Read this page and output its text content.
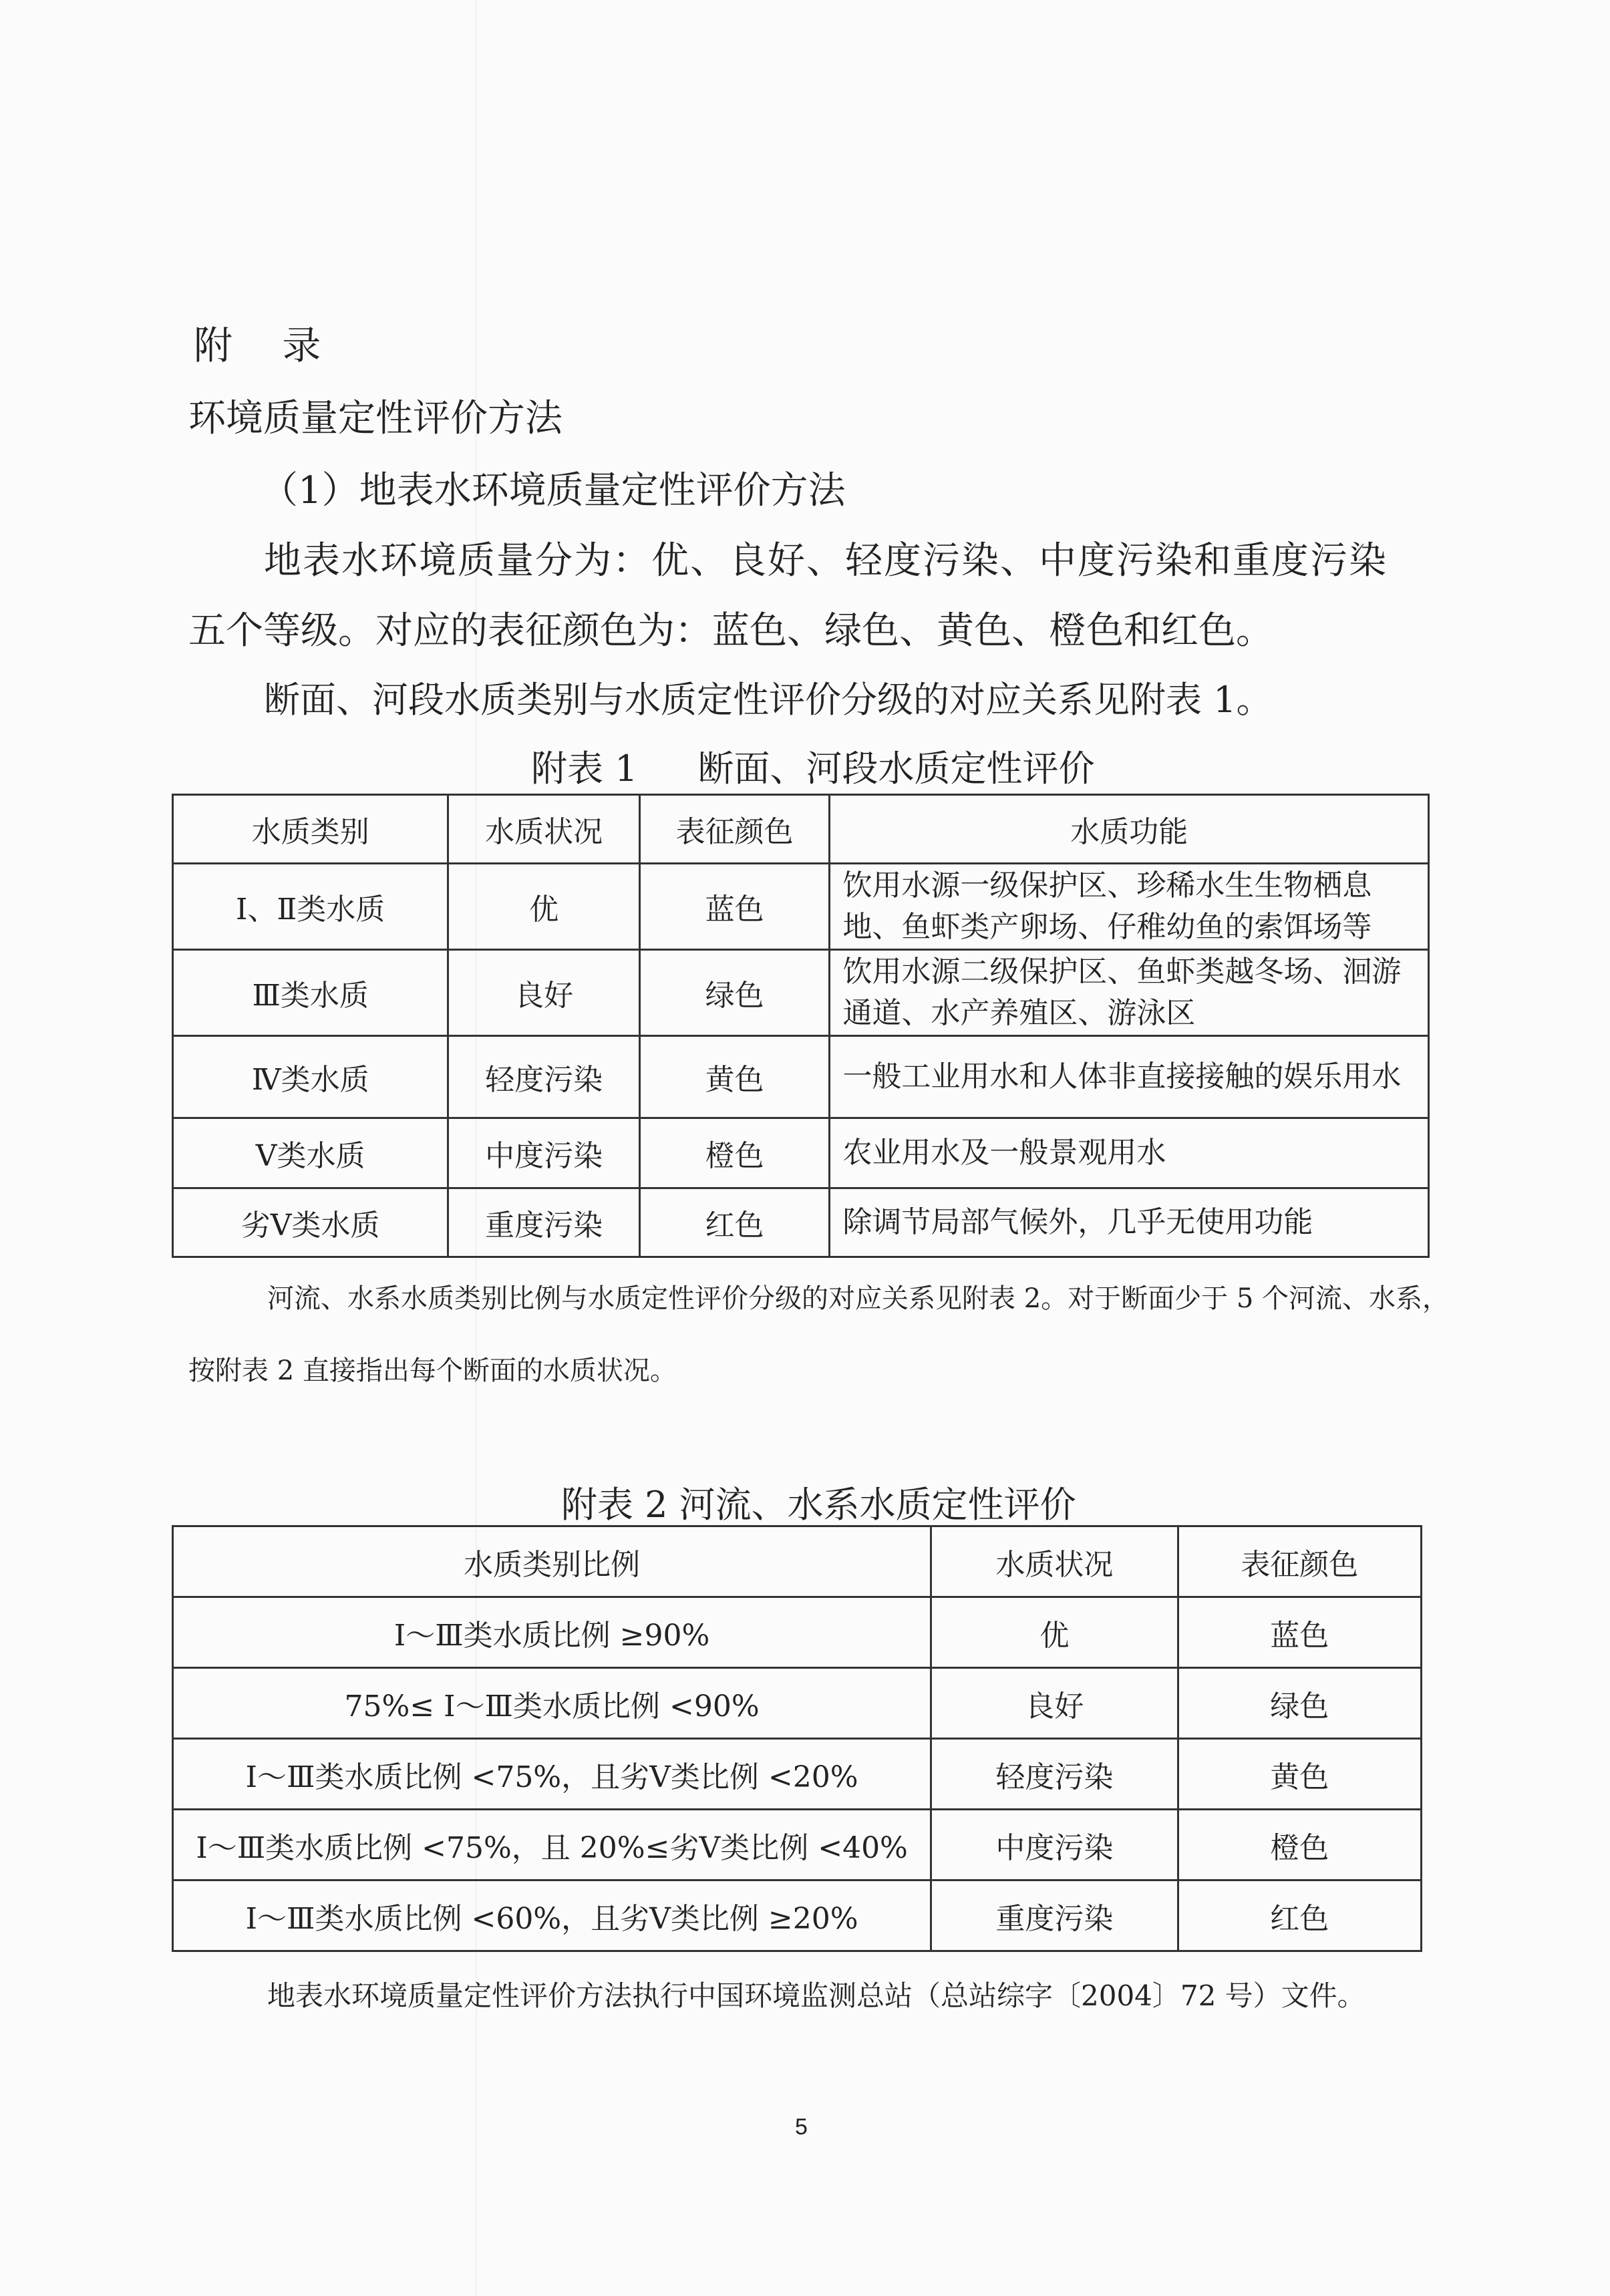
附 录
环境质量定性评价方法
（1）地表水环境质量定性评价方法
地表水环境质量分为：优、良好、轻度污染、中度污染和重度污染
五个等级。对应的表征颜色为：蓝色、绿色、黄色、橙色和红色。
断面、河段水质类别与水质定性评价分级的对应关系见附表 1。
附表 1 断面、河段水质定性评价
水质类别	水质状况	表征颜色	水质功能
Ⅰ、Ⅱ类水质	优	蓝色	饮用水源一级保护区、珍稀水生生物栖息地、鱼虾类产卵场、仔稚幼鱼的索饵场等
Ⅲ类水质	良好	绿色	饮用水源二级保护区、鱼虾类越冬场、洄游通道、水产养殖区、游泳区
Ⅳ类水质	轻度污染	黄色	一般工业用水和人体非直接接触的娱乐用水
Ⅴ类水质	中度污染	橙色	农业用水及一般景观用水
劣Ⅴ类水质	重度污染	红色	除调节局部气候外，几乎无使用功能
河流、水系水质类别比例与水质定性评价分级的对应关系见附表 2。对于断面少于 5 个河流、水系，
按附表 2 直接指出每个断面的水质状况。
附表 2 河流、水系水质定性评价
水质类别比例	水质状况	表征颜色
Ⅰ～Ⅲ类水质比例 ≥90%	优	蓝色
75%≤ Ⅰ～Ⅲ类水质比例 <90%	良好	绿色
Ⅰ～Ⅲ类水质比例 <75%，且劣Ⅴ类比例 <20%	轻度污染	黄色
Ⅰ～Ⅲ类水质比例 <75%，且 20%≤劣Ⅴ类比例 <40%	中度污染	橙色
Ⅰ～Ⅲ类水质比例 <60%，且劣Ⅴ类比例 ≥20%	重度污染	红色
地表水环境质量定性评价方法执行中国环境监测总站（总站综字〔2004〕72 号）文件。
5
